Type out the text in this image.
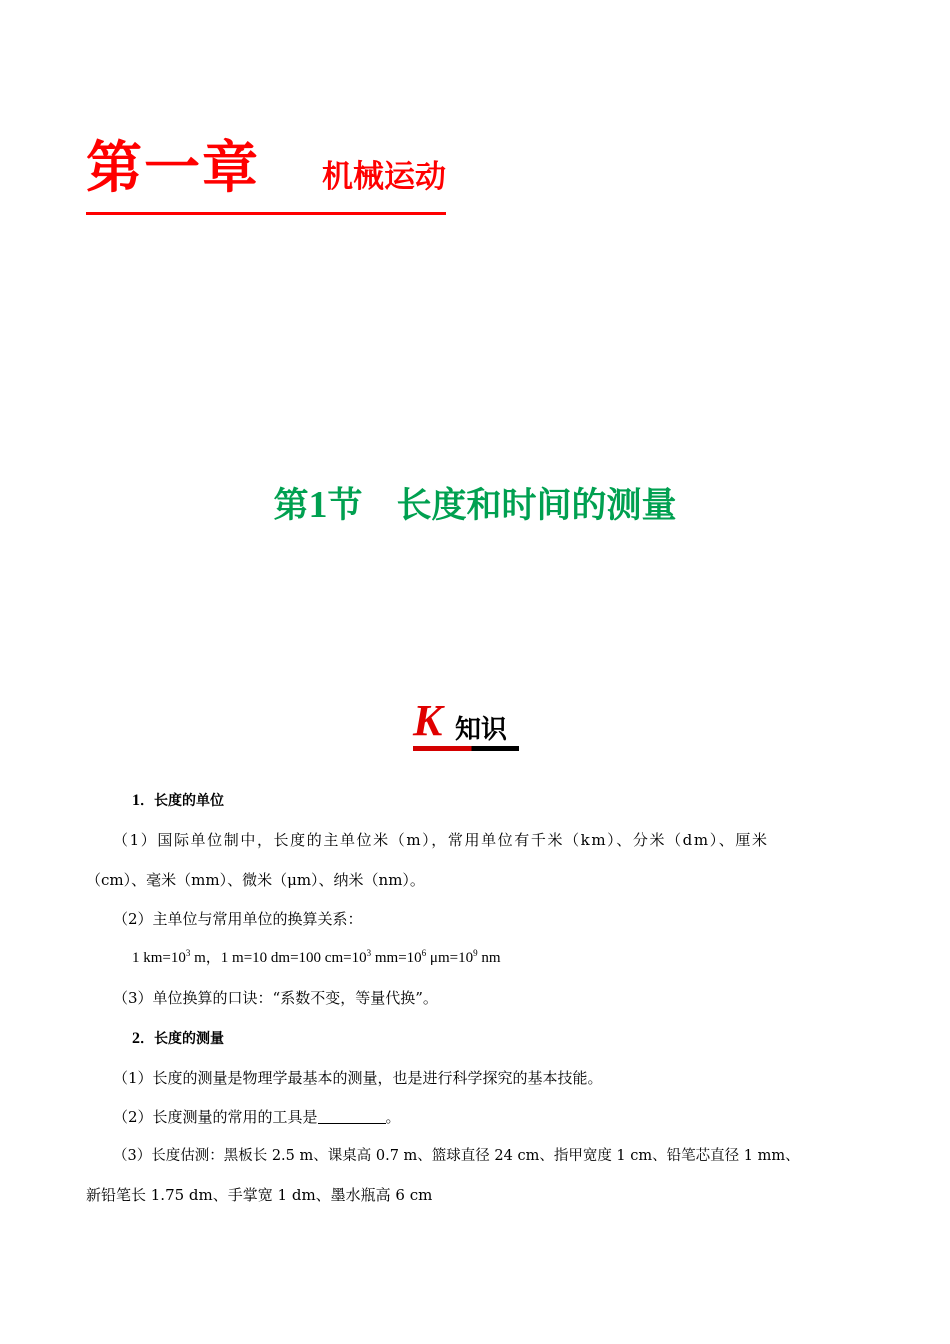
第一章 机械运动
第1节 长度和时间的测量
K 知识
1．长度的单位
（1）国际单位制中，长度的主单位米（m），常用单位有千米（km）、分米（dm）、厘米
（cm）、毫米（mm）、微米（μm）、纳米（nm）。
（2）主单位与常用单位的换算关系：
1 $km=10^3$ m，1 m=10 dm=100 $cm=10^3$ $mm=10^6$ $\mu m=10^9$ nm
（3）单位换算的口诀：“系数不变，等量代换”。
2．长度的测量
（1）长度的测量是物理学最基本的测量，也是进行科学探究的基本技能。
（2）长度测量的常用的工具是	。
（3）长度估测：黑板长 2.5 m、课桌高 0.7 m、篮球直径 24 cm、指甲宽度 1 cm、铅笔芯直径 1 mm、
新铅笔长 1.75 dm、手掌宽 1 dm、墨水瓶高 6 cm
